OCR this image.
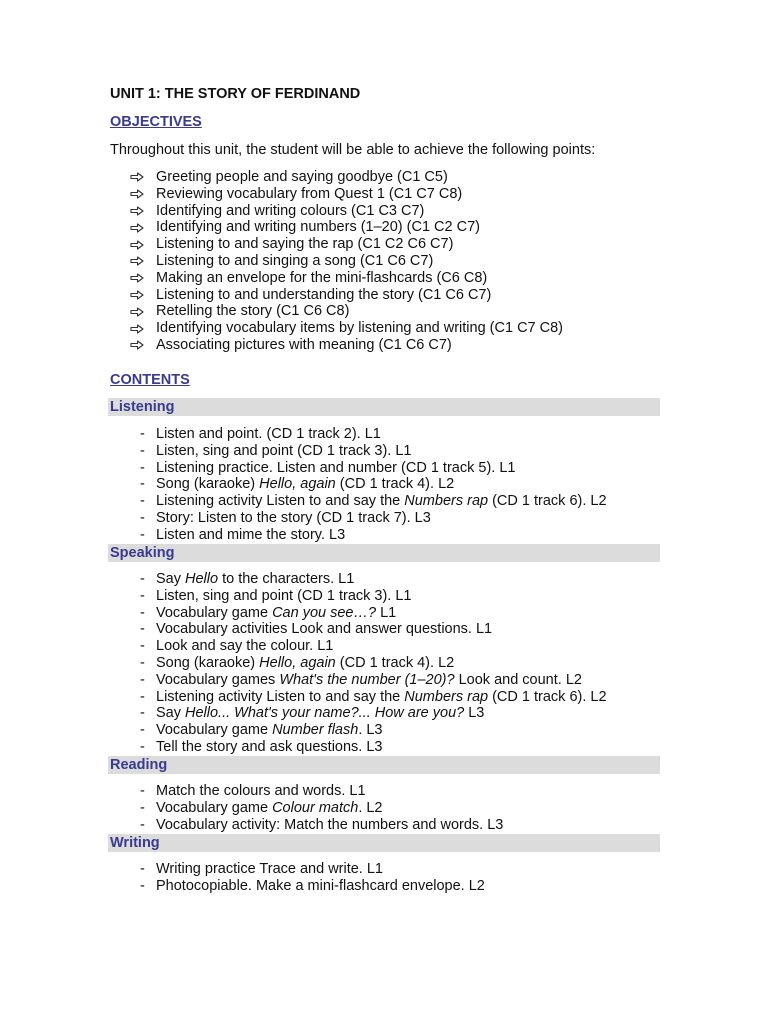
UNIT 1: THE STORY OF FERDINAND
OBJECTIVES
Throughout this unit, the student will be able to achieve the following points:
Greeting people and saying goodbye (C1 C5)
Reviewing vocabulary from Quest 1 (C1 C7 C8)
Identifying and writing colours (C1 C3 C7)
Identifying and writing numbers (1–20) (C1 C2 C7)
Listening to and saying the rap (C1 C2 C6 C7)
Listening to and singing a song (C1 C6 C7)
Making an envelope for the mini-flashcards (C6 C8)
Listening to and understanding the story (C1 C6 C7)
Retelling the story (C1 C6 C8)
Identifying vocabulary items by listening and writing (C1 C7 C8)
Associating pictures with meaning (C1 C6 C7)
CONTENTS
Listening
- Listen and point. (CD 1 track 2). L1
- Listen, sing and point (CD 1 track 3). L1
- Listening practice. Listen and number (CD 1 track 5). L1
- Song (karaoke) Hello, again (CD 1 track 4). L2
- Listening activity Listen to and say the Numbers rap (CD 1 track 6). L2
- Story: Listen to the story (CD 1 track 7). L3
- Listen and mime the story. L3
Speaking
- Say Hello to the characters. L1
- Listen, sing and point (CD 1 track 3). L1
- Vocabulary game Can you see…? L1
- Vocabulary activities Look and answer questions. L1
- Look and say the colour. L1
- Song (karaoke) Hello, again (CD 1 track 4). L2
- Vocabulary games What's the number (1–20)? Look and count. L2
- Listening activity Listen to and say the Numbers rap (CD 1 track 6). L2
- Say Hello... What's your name?... How are you? L3
- Vocabulary game Number flash. L3
- Tell the story and ask questions. L3
Reading
- Match the colours and words. L1
- Vocabulary game Colour match. L2
- Vocabulary activity: Match the numbers and words. L3
Writing
- Writing practice Trace and write. L1
- Photocopiable. Make a mini-flashcard envelope. L2
